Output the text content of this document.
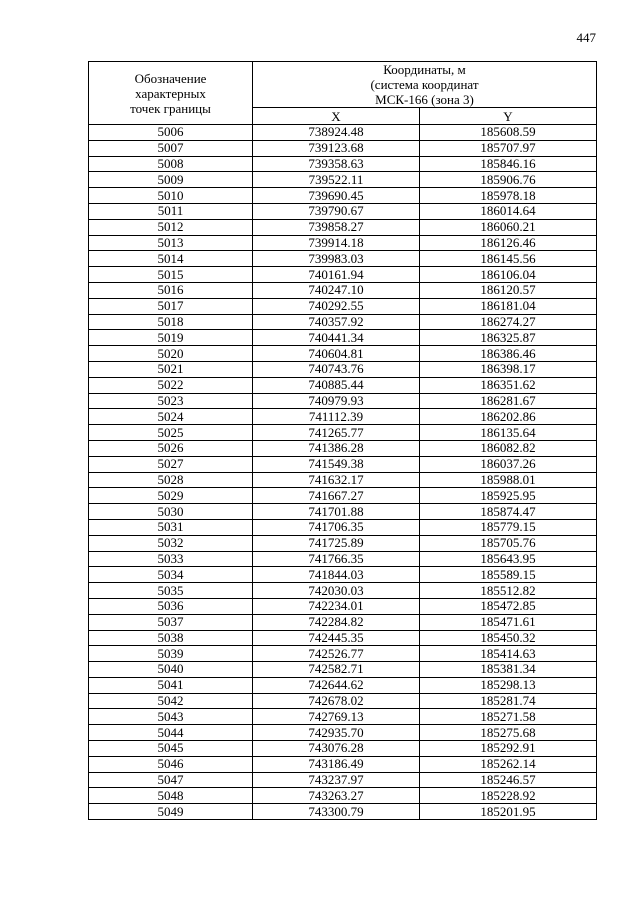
447
Обозначение
характерных
точек границы	Координаты, м
(система координат
МСК-166 (зона 3)	

	X	Y
5006	738924.48	185608.59
5007	739123.68	185707.97
5008	739358.63	185846.16
5009	739522.11	185906.76
5010	739690.45	185978.18
5011	739790.67	186014.64
5012	739858.27	186060.21
5013	739914.18	186126.46
5014	739983.03	186145.56
5015	740161.94	186106.04
5016	740247.10	186120.57
5017	740292.55	186181.04
5018	740357.92	186274.27
5019	740441.34	186325.87
5020	740604.81	186386.46
5021	740743.76	186398.17
5022	740885.44	186351.62
5023	740979.93	186281.67
5024	741112.39	186202.86
5025	741265.77	186135.64
5026	741386.28	186082.82
5027	741549.38	186037.26
5028	741632.17	185988.01
5029	741667.27	185925.95
5030	741701.88	185874.47
5031	741706.35	185779.15
5032	741725.89	185705.76
5033	741766.35	185643.95
5034	741844.03	185589.15
5035	742030.03	185512.82
5036	742234.01	185472.85
5037	742284.82	185471.61
5038	742445.35	185450.32
5039	742526.77	185414.63
5040	742582.71	185381.34
5041	742644.62	185298.13
5042	742678.02	185281.74
5043	742769.13	185271.58
5044	742935.70	185275.68
5045	743076.28	185292.91
5046	743186.49	185262.14
5047	743237.97	185246.57
5048	743263.27	185228.92
5049	743300.79	185201.95
